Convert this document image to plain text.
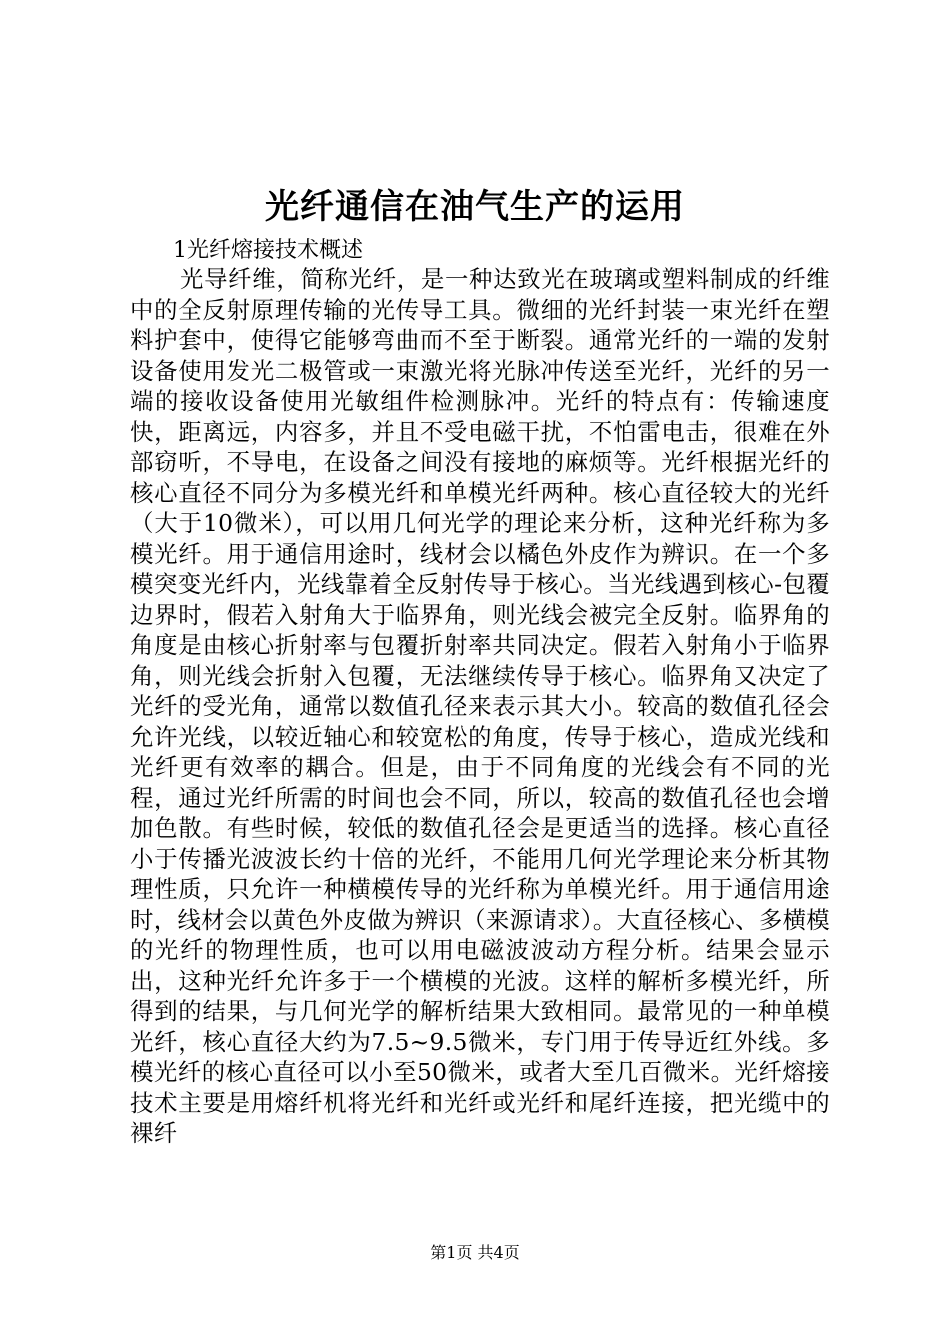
光纤通信在油气生产的运用

1光纤熔接技术概述

光导纤维，简称光纤，是一种达致光在玻璃或塑料制成的纤维中的全反射原理传输的光传导工具。微细的光纤封装一束光纤在塑料护套中，使得它能够弯曲而不至于断裂。通常光纤的一端的发射设备使用发光二极管或一束激光将光脉冲传送至光纤，光纤的另一端的接收设备使用光敏组件检测脉冲。光纤的特点有：传输速度快，距离远，内容多，并且不受电磁干扰，不怕雷电击，很难在外部窃听，不导电，在设备之间没有接地的麻烦等。光纤根据光纤的核心直径不同分为多模光纤和单模光纤两种。核心直径较大的光纤（大于10微米），可以用几何光学的理论来分析，这种光纤称为多模光纤。用于通信用途时，线材会以橘色外皮作为辨识。在一个多模突变光纤内，光线靠着全反射传导于核心。当光线遇到核心-包覆边界时，假若入射角大于临界角，则光线会被完全反射。临界角的角度是由核心折射率与包覆折射率共同决定。假若入射角小于临界角，则光线会折射入包覆，无法继续传导于核心。临界角又决定了光纤的受光角，通常以数值孔径来表示其大小。较高的数值孔径会允许光线，以较近轴心和较宽松的角度，传导于核心，造成光线和光纤更有效率的耦合。但是，由于不同角度的光线会有不同的光程，通过光纤所需的时间也会不同，所以，较高的数值孔径也会增加色散。有些时候，较低的数值孔径会是更适当的选择。核心直径小于传播光波波长约十倍的光纤，不能用几何光学理论来分析其物理性质，只允许一种横模传导的光纤称为单模光纤。用于通信用途时，线材会以黄色外皮做为辨识（来源请求）。大直径核心、多横模的光纤的物理性质，也可以用电磁波波动方程分析。结果会显示出，这种光纤允许多于一个横模的光波。这样的解析多模光纤，所得到的结果，与几何光学的解析结果大致相同。最常见的一种单模光纤，核心直径大约为7.5~9.5微米，专门用于传导近红外线。多模光纤的核心直径可以小至50微米，或者大至几百微米。光纤熔接技术主要是用熔纤机将光纤和光纤或光纤和尾纤连接，把光缆中的裸纤

第1页 共4页
